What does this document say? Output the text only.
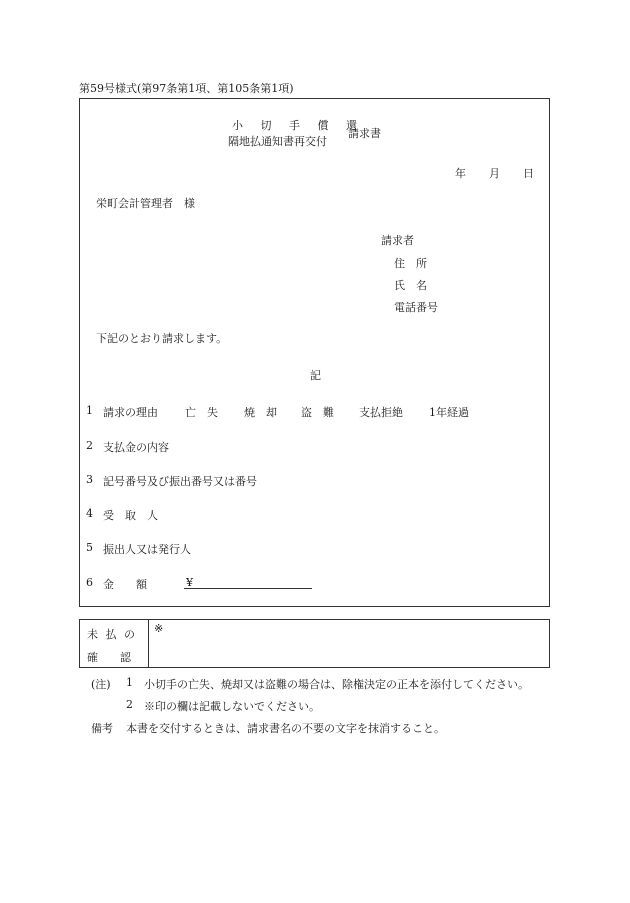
第59号様式(第97条第1項、第105条第1項)
小 切 手 償 還
隔地払通知書再交付
請求書
年 月 日
栄町会計管理者　様
請求者
住　所
氏　名
電話番号
下記のとおり請求します。
記
1 請求の理由 亡　失 焼　却 盗　難 支払拒絶 1年経過
2 支払金の内容
3 記号番号及び振出番号又は番号
4 受　取　人
5 振出人又は発行人
6 金　　額	¥
未 払 の
確　　認
※
(注) 1 小切手の亡失、焼却又は盗難の場合は、除権決定の正本を添付してください。
2 ※印の欄は記載しないでください。
備考 本書を交付するときは、請求書名の不要の文字を抹消すること。
